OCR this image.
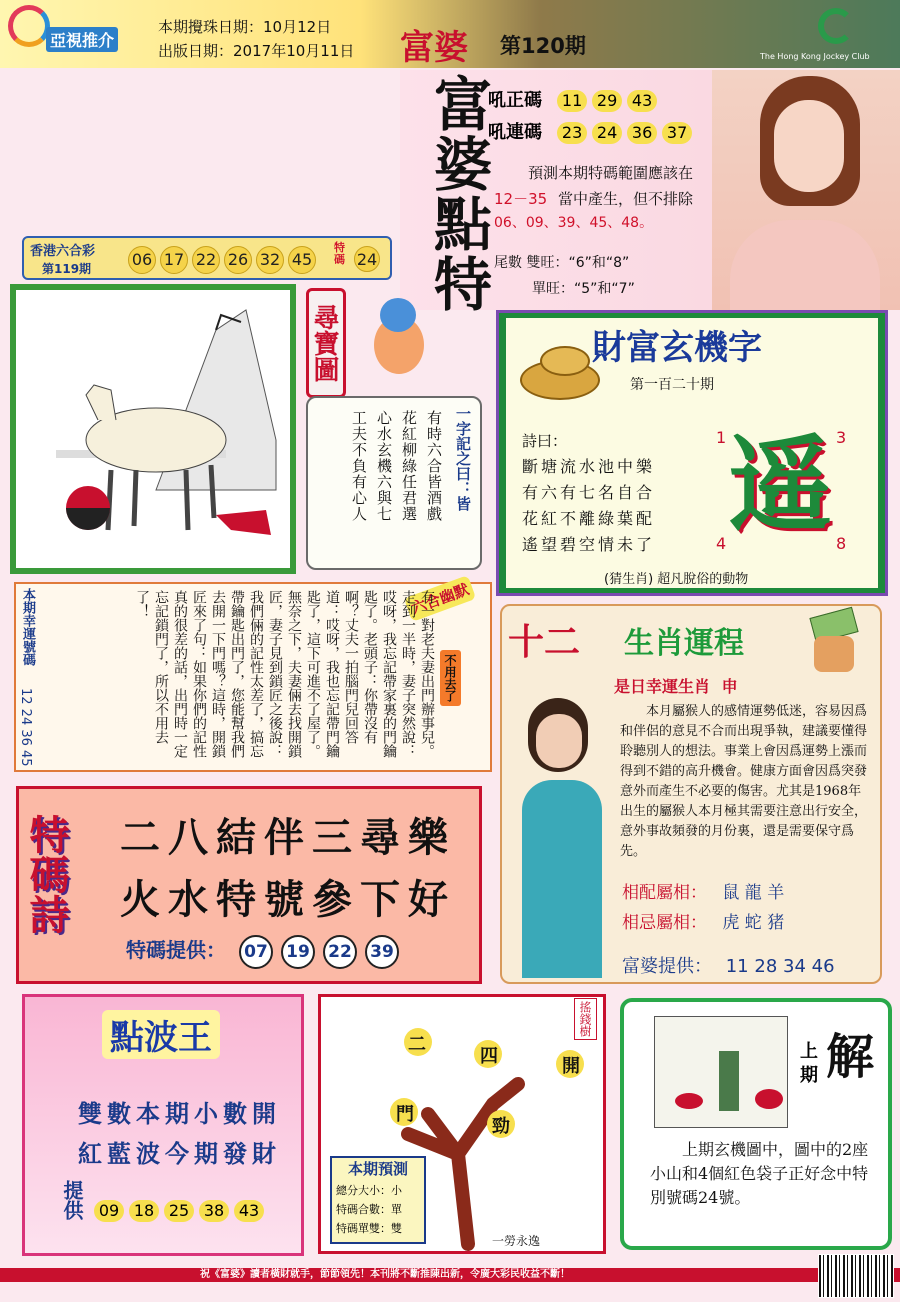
亞視推介
本期攪珠日期：10月12日
出版日期：2017年10月11日 富婆 第120期	The Hong Kong Jockey Club
富婆點特
吼正碼 11 29 43
吼連碼 23 24 36 37
預測本期特碼範圍應該在
12－35 當中產生，但不排除
06、09、39、45、48。
尾數 雙旺：“6”和“8”
單旺：“5”和“7”
香港六合彩
第119期	06 17 22 26 32 45
特碼 24
尋寶圖
一字記之曰：皆
有時六合皆酒戲
花紅柳綠任君選
心水玄機六與七
工夫不負有心人
財富玄機字
第一百二十期
詩曰：
斷塘流水池中樂
有六有七名自合
花紅不離綠葉配
遙望碧空情未了
1	3
遥
4	8
(猜生肖) 超凡脫俗的動物
本期幸運號碼
12 24 36 45
六合幽默
不用去了
有一對老夫妻出門辦事兒。走到一半時，妻子突然說：哎呀，我忘記帶家裏的門鑰匙了。老頭子：你帶沒有啊？丈夫一拍腦門兒回答道：哎呀，我也忘記帶門鑰匙了，這下可進不了屋了。無奈之下，夫妻倆去找開鎖匠，妻子見到鎖匠之後說：我們倆的記性太差了，搞忘帶鑰匙出門了，您能幫我們去開一下門嗎？這時，開鎖匠來了句：如果你們的記性真的很差的話，出門時一定忘記鎖門了，所以不用去了！
十二 生肖運程
是日幸運生肖 申
本月屬猴人的感情運勢低迷，容易因爲和伴侶的意見不合而出現爭執，建議要懂得聆聽別人的想法。事業上會因爲運勢上漲而得到不錯的高升機會。健康方面會因爲突發意外而產生不必要的傷害。尤其是1968年出生的屬猴人本月極其需要注意出行安全，意外事故頻發的月份裏，還是需要保守爲先。
相配屬相： 鼠 龍 羊
相忌屬相： 虎 蛇 猪
富婆提供： 11 28 34 46
特碼詩 二八結伴三尋樂
火水特號參下好
特碼提供： 07 19 22 39
點波王
雙數本期小數開
紅藍波今期發財
提供 09 18 25 38 43
搖錢樹
二
四	開
門
勁
本期預測
總分大小：小
特碼合數：單
特碼單雙：雙
一勞永逸
上期 解
上期玄機圖中，圖中的2座小山和4個紅色袋子正好念中特別號碼24號。
祝《富婆》讀者橫財就手，節節領先！本刊將不斷推陳出新，令廣大彩民收益不斷！
